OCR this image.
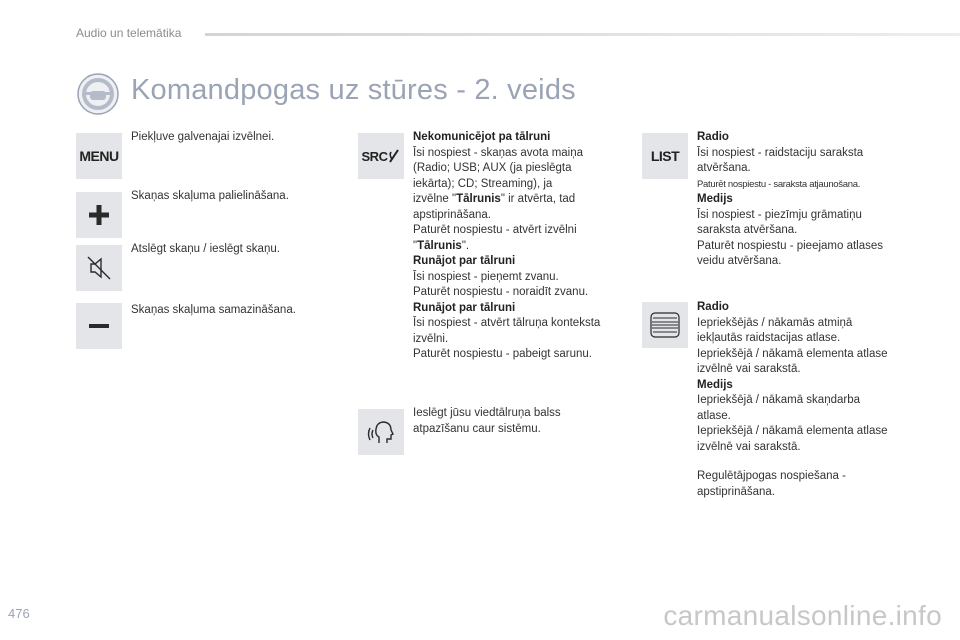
Audio un telemātika
Komandpogas uz stūres - 2. veids
MENU
Piekļuve galvenajai izvēlnei.
Skaņas skaļuma palielināšana.
Atslēgt skaņu / ieslēgt skaņu.
Skaņas skaļuma samazināšana.
SRC
Nekomunicējot pa tālruni
Īsi nospiest - skaņas avota maiņa
(Radio; USB; AUX (ja pieslēgta
iekārta); CD; Streaming), ja
izvēlne "Tālrunis" ir atvērta, tad
apstiprināšana.
Paturēt nospiestu - atvērt izvēlni
"Tālrunis".
Runājot par tālruni
Īsi nospiest - pieņemt zvanu.
Paturēt nospiestu - noraidīt zvanu.
Runājot par tālruni
Īsi nospiest - atvērt tālruņa konteksta
izvēlni.
Paturēt nospiestu - pabeigt sarunu.
Ieslēgt jūsu viedtālruņa balss
atpazīšanu caur sistēmu.
LIST
Radio
Īsi nospiest - raidstaciju saraksta
atvēršana.
Paturēt nospiestu - saraksta atjaunošana.
Medijs
Īsi nospiest - piezīmju grāmatiņu
saraksta atvēršana.
Paturēt nospiestu - pieejamo atlases
veidu atvēršana.
Radio
Iepriekšējās / nākamās atmiņā
iekļautās raidstacijas atlase.
Iepriekšējā / nākamā elementa atlase
izvēlnē vai sarakstā.
Medijs
Iepriekšējā / nākamā skaņdarba
atlase.
Iepriekšējā / nākamā elementa atlase
izvēlnē vai sarakstā.
Regulētājpogas nospiešana -
apstiprināšana.
476	carmanualsonline.info
